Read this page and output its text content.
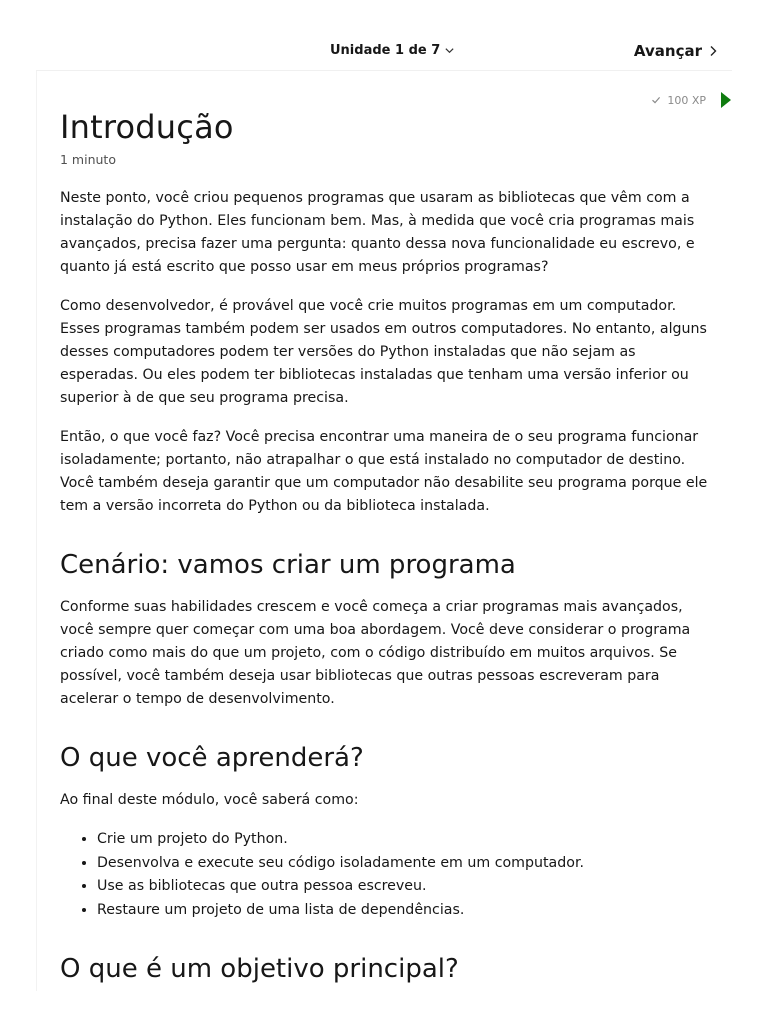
Unidade 1 de 7	Avançar
100 XP
Introdução
1 minuto

Neste ponto, você criou pequenos programas que usaram as bibliotecas que vêm com a instalação do Python. Eles funcionam bem. Mas, à medida que você cria programas mais avançados, precisa fazer uma pergunta: quanto dessa nova funcionalidade eu escrevo, e quanto já está escrito que posso usar em meus próprios programas?

Como desenvolvedor, é provável que você crie muitos programas em um computador. Esses programas também podem ser usados em outros computadores. No entanto, alguns desses computadores podem ter versões do Python instaladas que não sejam as esperadas. Ou eles podem ter bibliotecas instaladas que tenham uma versão inferior ou superior à de que seu programa precisa.

Então, o que você faz? Você precisa encontrar uma maneira de o seu programa funcionar isoladamente; portanto, não atrapalhar o que está instalado no computador de destino. Você também deseja garantir que um computador não desabilite seu programa porque ele tem a versão incorreta do Python ou da biblioteca instalada.

Cenário: vamos criar um programa

Conforme suas habilidades crescem e você começa a criar programas mais avançados, você sempre quer começar com uma boa abordagem. Você deve considerar o programa criado como mais do que um projeto, com o código distribuído em muitos arquivos. Se possível, você também deseja usar bibliotecas que outras pessoas escreveram para acelerar o tempo de desenvolvimento.

O que você aprenderá?

Ao final deste módulo, você saberá como:

• Crie um projeto do Python.
• Desenvolva e execute seu código isoladamente em um computador.
• Use as bibliotecas que outra pessoa escreveu.
• Restaure um projeto de uma lista de dependências.
O que é um objetivo principal?
